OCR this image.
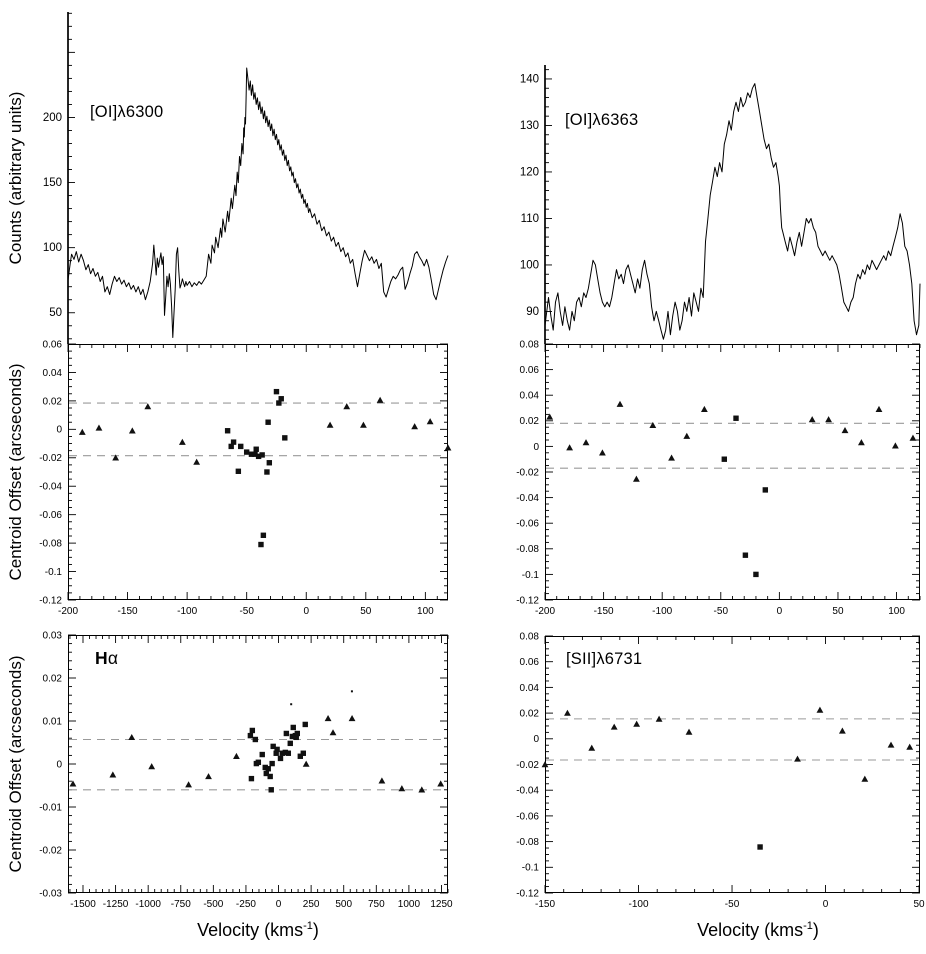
50
100
150
200
90
100
110
120
130
140
0.06
0.04
0.02
0
-0.02
-0.04
-0.06
-0.08
-0.1
-0.12
-200	-150	-100	-50	0	50	100
0.08
0.06
0.04
0.02
0
-0.02
-0.04
-0.06
-0.08
-0.1
-0.12
-200	-150	-100	-50	0	50	100
0.03
0.02
0.01
0
-0.01
-0.02
-0.03
-1500 -1250 -1000 -750 -500 -250 0 250 500 750 1000 1250
0.08
0.06
0.04
0.02
0
-0.02
-0.04
-0.06
-0.08
-0.1
-0.12
-150	-100	-50	0	50
Counts (arbitrary units)
Centroid Offset (arcseconds)
Centroid Offset (arcseconds)
[OI]λ6300	[OI]λ6363
Hα	[SII]λ6731
Velocity (kms$^{-1}$)	Velocity (kms$^{-1}$)
